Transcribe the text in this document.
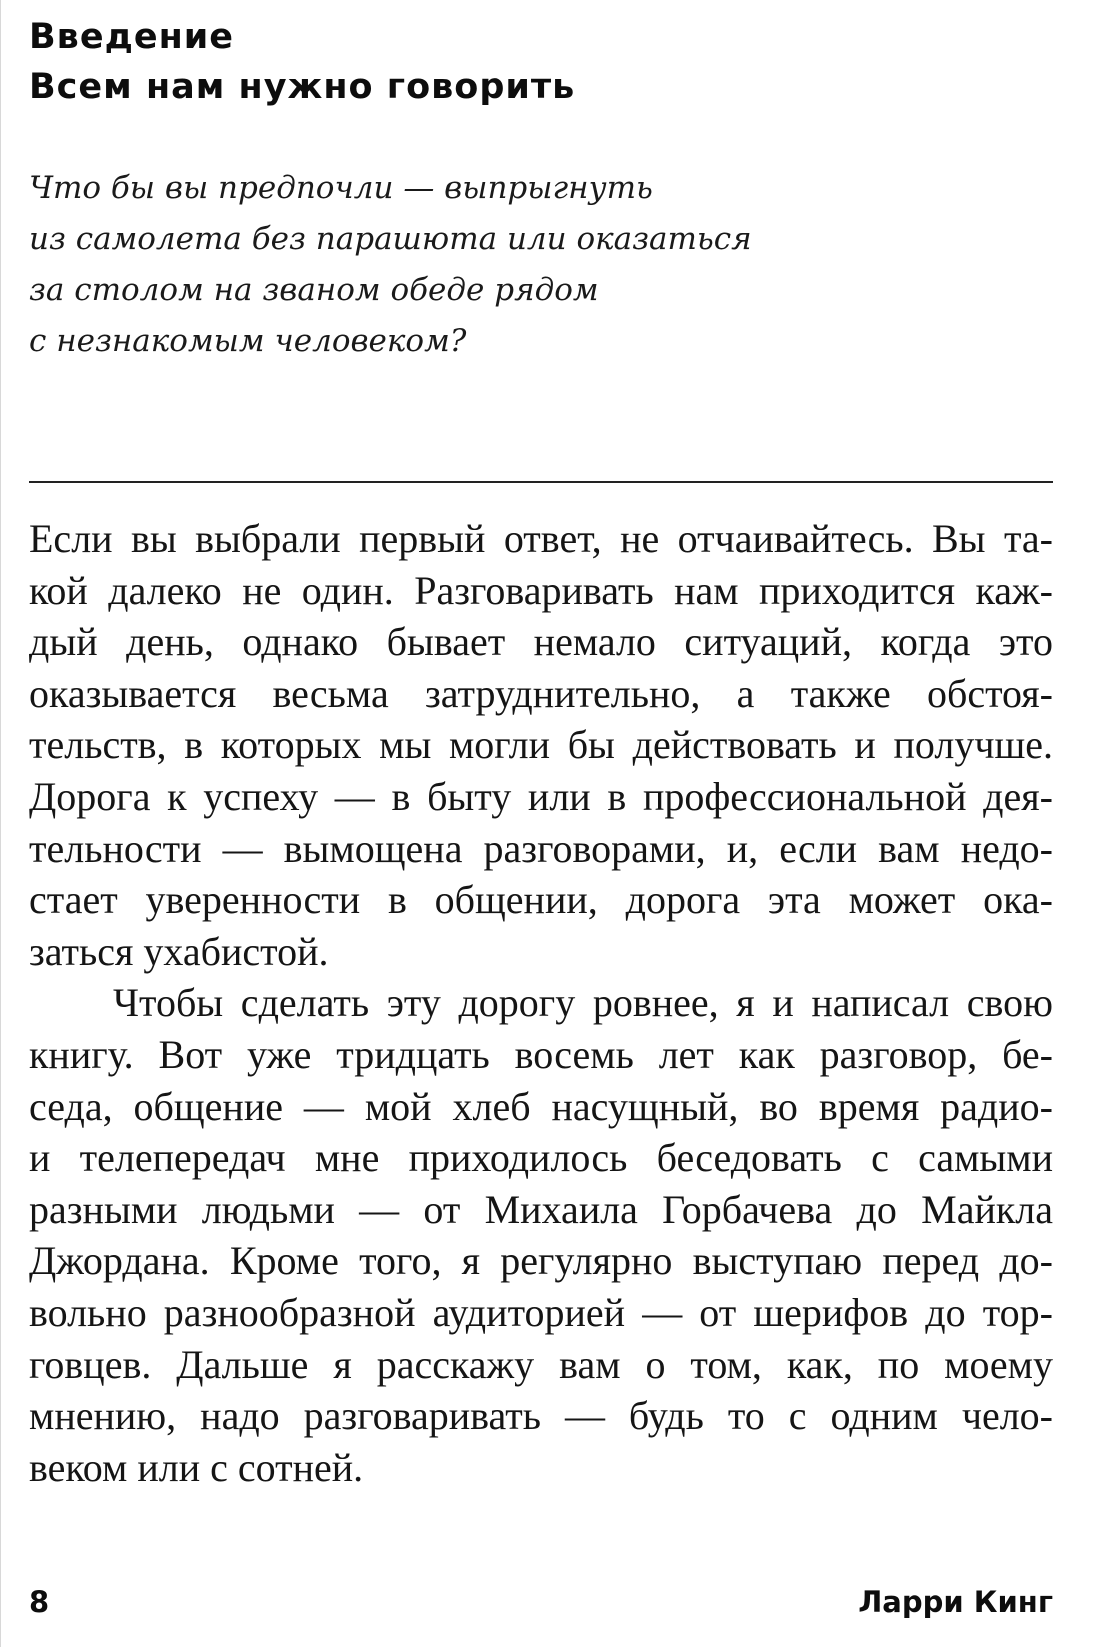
Введение
Всем нам нужно говорить
Что бы вы предпочли — выпрыгнуть
из самолета без парашюта или оказаться
за столом на званом обеде рядом
с незнакомым человеком?
Если вы выбрали первый ответ, не отчаивайтесь. Вы та-
кой далеко не один. Разговаривать нам приходится каж-
дый день, однако бывает немало ситуаций, когда это
оказывается весьма затруднительно, а также обстоя-
тельств, в которых мы могли бы действовать и получше.
Дорога к успеху — в быту или в профессиональной дея-
тельности — вымощена разговорами, и, если вам недо-
стает уверенности в общении, дорога эта может ока-
заться ухабистой.
Чтобы сделать эту дорогу ровнее, я и написал свою
книгу. Вот уже тридцать восемь лет как разговор, бе-
седа, общение — мой хлеб насущный, во время радио-
и телепередач мне приходилось беседовать с самыми
разными людьми — от Михаила Горбачева до Майкла
Джордана. Кроме того, я регулярно выступаю перед до-
вольно разнообразной аудиторией — от шерифов до тор-
говцев. Дальше я расскажу вам о том, как, по моему
мнению, надо разговаривать — будь то с одним чело-
веком или с сотней.
8	Ларри Кинг
